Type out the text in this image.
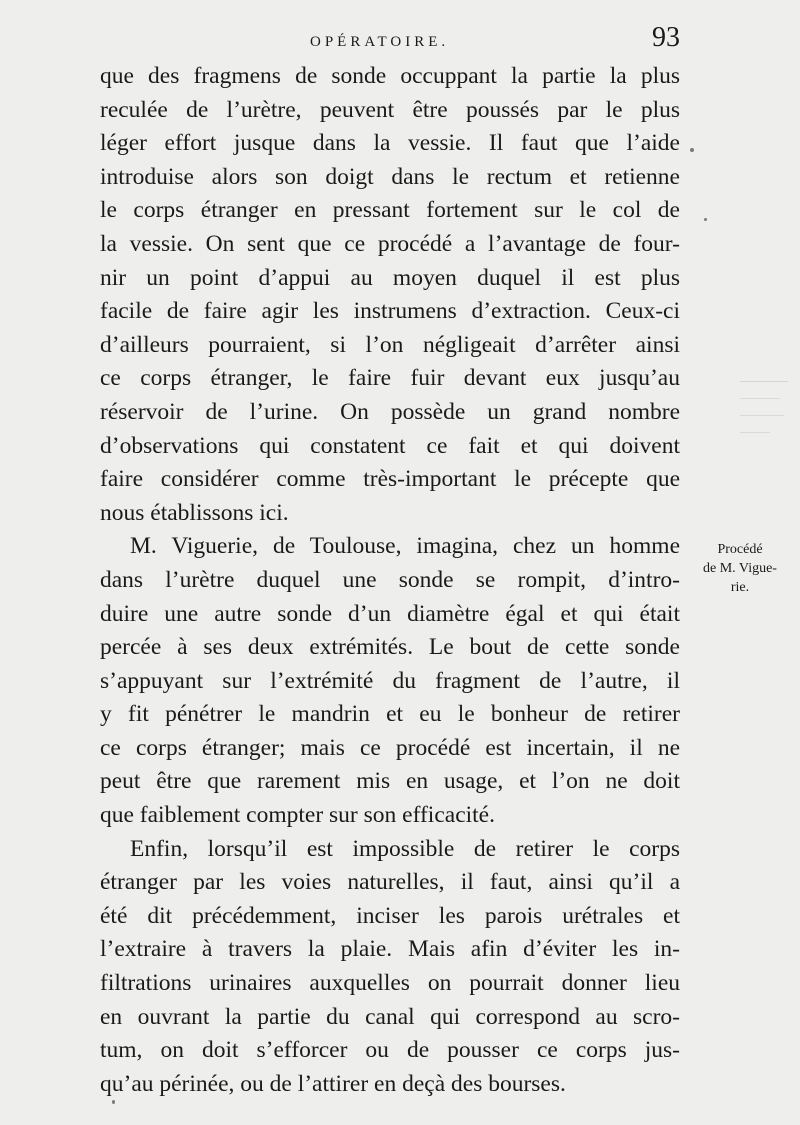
OPÉRATOIRE.	93
que des fragmens de sonde occuppant la partie la plus
reculée de l’urètre, peuvent être poussés par le plus
léger effort jusque dans la vessie. Il faut que l’aide
introduise alors son doigt dans le rectum et retienne
le corps étranger en pressant fortement sur le col de
la vessie. On sent que ce procédé a l’avantage de four-
nir un point d’appui au moyen duquel il est plus
facile de faire agir les instrumens d’extraction. Ceux-ci
d’ailleurs pourraient, si l’on négligeait d’arrêter ainsi
ce corps étranger, le faire fuir devant eux jusqu’au
réservoir de l’urine. On possède un grand nombre
d’observations qui constatent ce fait et qui doivent
faire considérer comme très-important le précepte que
nous établissons ici.
M. Viguerie, de Toulouse, imagina, chez un homme
dans l’urètre duquel une sonde se rompit, d’intro-
duire une autre sonde d’un diamètre égal et qui était
percée à ses deux extrémités. Le bout de cette sonde
s’appuyant sur l’extrémité du fragment de l’autre, il
y fit pénétrer le mandrin et eu le bonheur de retirer
ce corps étranger; mais ce procédé est incertain, il ne
peut être que rarement mis en usage, et l’on ne doit
que faiblement compter sur son efficacité.
Enfin, lorsqu’il est impossible de retirer le corps
étranger par les voies naturelles, il faut, ainsi qu’il a
été dit précédemment, inciser les parois urétrales et
l’extraire à travers la plaie. Mais afin d’éviter les in-
filtrations urinaires auxquelles on pourrait donner lieu
en ouvrant la partie du canal qui correspond au scro-
tum, on doit s’efforcer ou de pousser ce corps jus-
qu’au périnée, ou de l’attirer en deçà des bourses.
Procédé
de M. Vigue-
rie.
